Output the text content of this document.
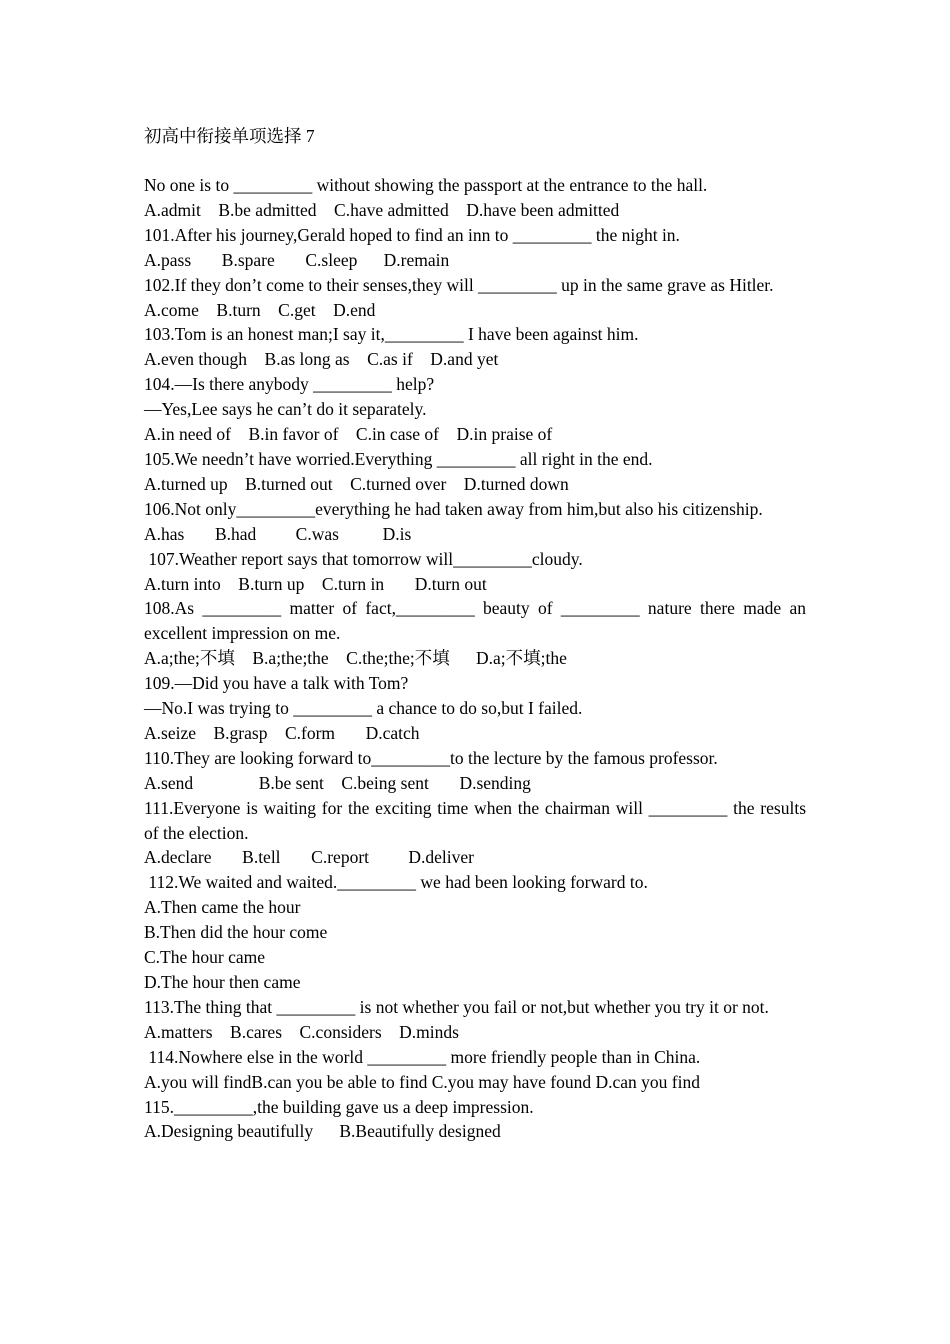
初高中衔接单项选择 7
No one is to _________ without showing the passport at the entrance to the hall.
A.admit    B.be admitted    C.have admitted    D.have been admitted
101.After his journey,Gerald hoped to find an inn to _________ the night in.
A.pass       B.spare       C.sleep      D.remain
102.If they don’t come to their senses,they will _________ up in the same grave as Hitler.
A.come    B.turn    C.get    D.end
103.Tom is an honest man;I say it,_________ I have been against him.
A.even though    B.as long as    C.as if    D.and yet
104.—Is there anybody _________ help?
—Yes,Lee says he can’t do it separately.
A.in need of    B.in favor of    C.in case of    D.in praise of
105.We needn’t have worried.Everything _________ all right in the end.
A.turned up    B.turned out    C.turned over    D.turned down
106.Not only_________everything he had taken away from him,but also his citizenship.
A.has       B.had         C.was          D.is
107.Weather report says that tomorrow will_________cloudy.
A.turn into    B.turn up    C.turn in       D.turn out
108.As _________ matter of fact,_________ beauty of _________ nature there made an excellent impression on me.
A.a;the;不填    B.a;the;the    C.the;the;不填      D.a;不填;the
109.—Did you have a talk with Tom?
—No.I was trying to _________ a chance to do so,but I failed.
A.seize    B.grasp    C.form       D.catch
110.They are looking forward to_________to the lecture by the famous professor.
A.send               B.be sent    C.being sent       D.sending
111.Everyone is waiting for the exciting time when the chairman will _________ the results of the election.
A.declare       B.tell       C.report         D.deliver
112.We waited and waited._________ we had been looking forward to.
A.Then came the hour
B.Then did the hour come
C.The hour came
D.The hour then came
113.The thing that _________ is not whether you fail or not,but whether you try it or not.
A.matters    B.cares    C.considers    D.minds
114.Nowhere else in the world _________ more friendly people than in China.
A.you will findB.can you be able to find C.you may have found D.can you find
115._________,the building gave us a deep impression.
A.Designing beautifully      B.Beautifully designed
